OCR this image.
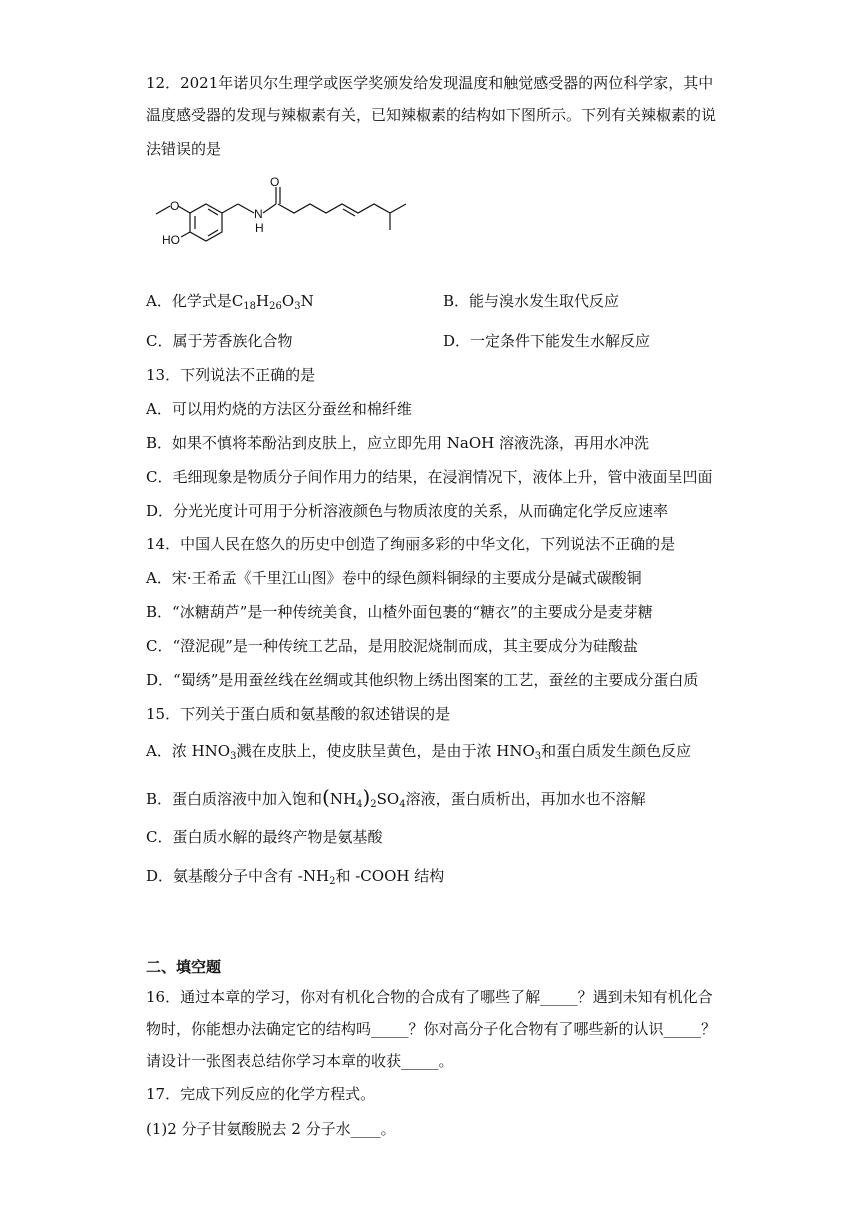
12．2021年诺贝尔生理学或医学奖颁发给发现温度和触觉感受器的两位科学家，其中
温度感受器的发现与辣椒素有关，已知辣椒素的结构如下图所示。下列有关辣椒素的说
法错误的是
O
O
HO
N
H
A．化学式是$C_{18}H_{26}O_3N$	B．能与溴水发生取代反应
C．属于芳香族化合物	D．一定条件下能发生水解反应
13．下列说法不正确的是
A．可以用灼烧的方法区分蚕丝和棉纤维
B．如果不慎将苯酚沾到皮肤上，应立即先用 NaOH 溶液洗涤，再用水冲洗
C．毛细现象是物质分子间作用力的结果，在浸润情况下，液体上升，管中液面呈凹面
D．分光光度计可用于分析溶液颜色与物质浓度的关系，从而确定化学反应速率
14．中国人民在悠久的历史中创造了绚丽多彩的中华文化，下列说法不正确的是
A．宋·王希孟《千里江山图》卷中的绿色颜料铜绿的主要成分是碱式碳酸铜
B．“冰糖葫芦”是一种传统美食，山楂外面包裹的“糖衣”的主要成分是麦芽糖
C．“澄泥砚”是一种传统工艺品，是用胶泥烧制而成，其主要成分为硅酸盐
D．“蜀绣”是用蚕丝线在丝绸或其他织物上绣出图案的工艺，蚕丝的主要成分蛋白质
15．下列关于蛋白质和氨基酸的叙述错误的是
A．浓 $HNO_3$溅在皮肤上，使皮肤呈黄色，是由于浓 $HNO_3$和蛋白质发生颜色反应
B．蛋白质溶液中加入饱和$(NH_4)_2SO_4$溶液，蛋白质析出，再加水也不溶解
C．蛋白质水解的最终产物是氨基酸
D．氨基酸分子中含有 $-NH_2$和 -COOH 结构
二、填空题
16．通过本章的学习，你对有机化合物的合成有了哪些了解_____？遇到未知有机化合
物时，你能想办法确定它的结构吗_____？你对高分子化合物有了哪些新的认识_____？
请设计一张图表总结你学习本章的收获_____。
17．完成下列反应的化学方程式。
(1)2 分子甘氨酸脱去 2 分子水____。
